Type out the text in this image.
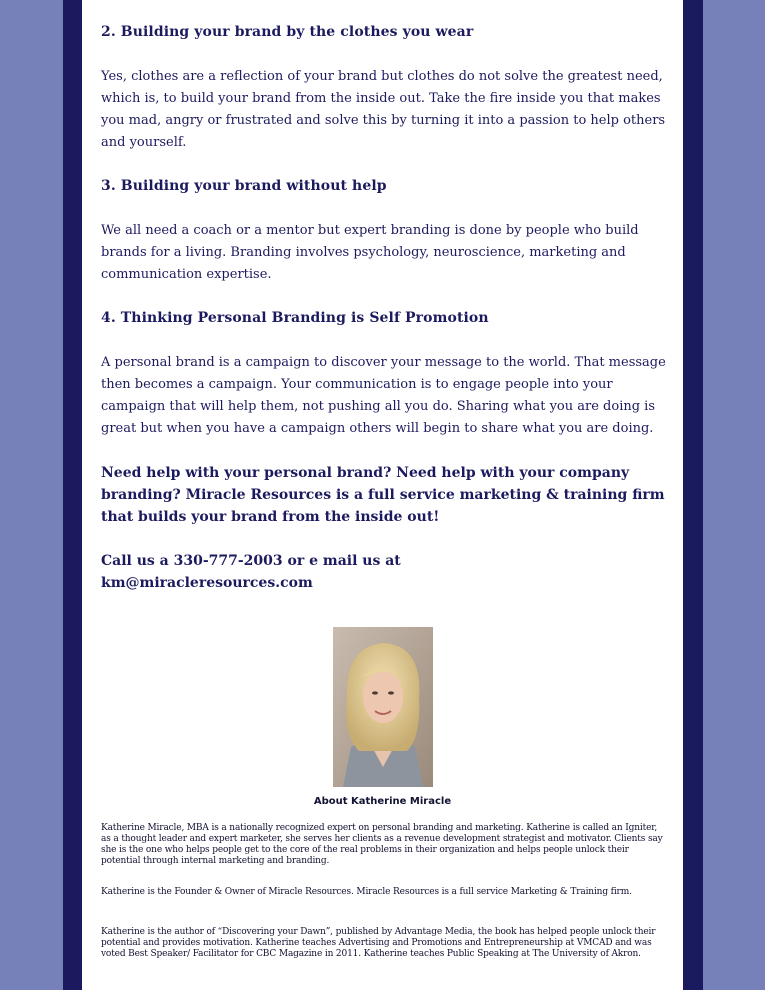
2. Building your brand by the clothes you wear

Yes, clothes are a reflection of your brand but clothes do not solve the greatest need, which is, to build your brand from the inside out. Take the fire inside you that makes you mad, angry or frustrated and solve this by turning it into a passion to help others and yourself.

3. Building your brand without help

We all need a coach or a mentor but expert branding is done by people who build brands for a living. Branding involves psychology, neuroscience, marketing and communication expertise.

4. Thinking Personal Branding is Self Promotion

A personal brand is a campaign to discover your message to the world. That message then becomes a campaign. Your communication is to engage people into your campaign that will help them, not pushing all you do. Sharing what you are doing is great but when you have a campaign others will begin to share what you are doing.

Need help with your personal brand? Need help with your company branding? Miracle Resources is a full service marketing & training firm that builds your brand from the inside out!

Call us a 330-777-2003 or e mail us at
km@miracleresources.com

About Katherine Miracle

Katherine Miracle, MBA is a nationally recognized expert on personal branding and marketing. Katherine is called an Igniter, as a thought leader and expert marketer, she serves her clients as a revenue development strategist and motivator. Clients say she is the one who helps people get to the core of the real problems in their organization and helps people unlock their potential through internal marketing and branding.

Katherine is the Founder & Owner of Miracle Resources. Miracle Resources is a full service Marketing & Training firm.

Katherine is the author of “Discovering your Dawn”, published by Advantage Media, the book has helped people unlock their potential and provides motivation. Katherine teaches Advertising and Promotions and Entrepreneurship at VMCAD and was voted Best Speaker/ Facilitator for CBC Magazine in 2011. Katherine teaches Public Speaking at The University of Akron.
